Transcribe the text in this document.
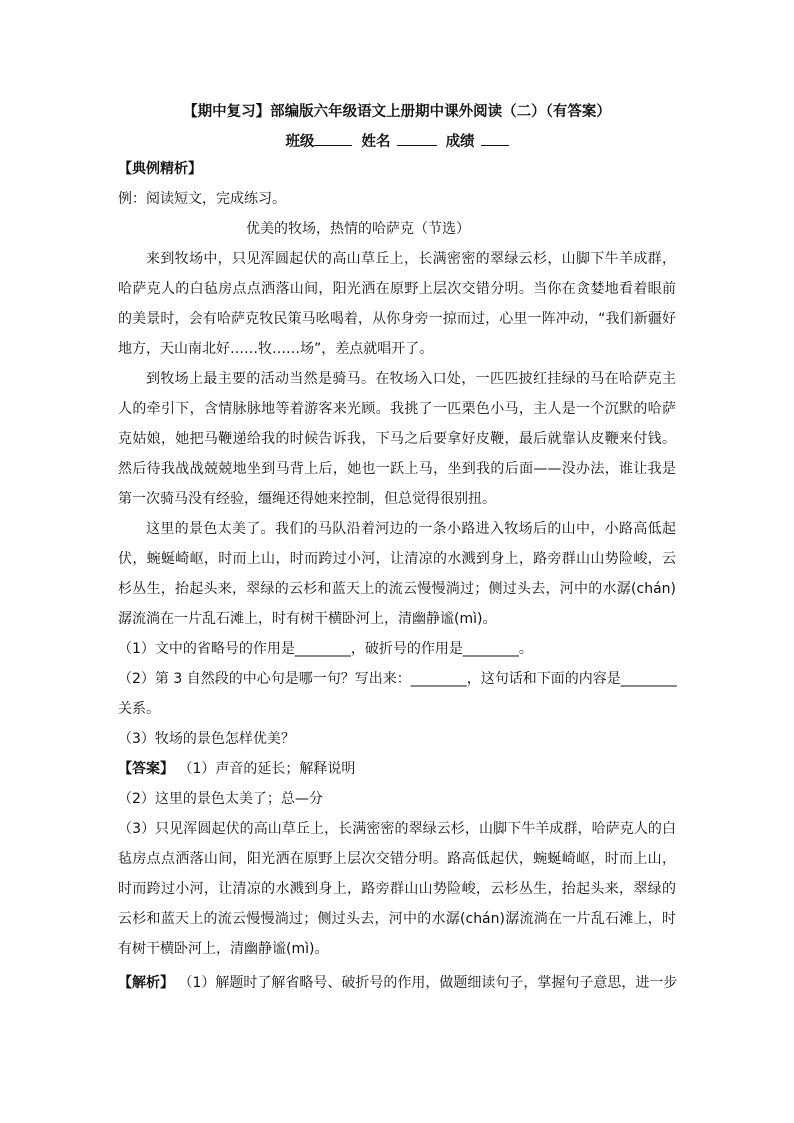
【期中复习】部编版六年级语文上册期中课外阅读（二）（有答案）
班级	姓名	成绩

【典例精析】

例：阅读短文，完成练习。

优美的牧场，热情的哈萨克（节选）

来到牧场中，只见浑圆起伏的高山草丘上，长满密密的翠绿云杉，山脚下牛羊成群，哈萨克人的白毡房点点洒落山间，阳光洒在原野上层次交错分明。当你在贪婪地看着眼前的美景时，会有哈萨克牧民策马吆喝着，从你身旁一掠而过，心里一阵冲动，“我们新疆好地方，天山南北好……牧……场”，差点就唱开了。

到牧场上最主要的活动当然是骑马。在牧场入口处，一匹匹披红挂绿的马在哈萨克主人的牵引下，含情脉脉地等着游客来光顾。我挑了一匹栗色小马，主人是一个沉默的哈萨克姑娘，她把马鞭递给我的时候告诉我，下马之后要拿好皮鞭，最后就靠认皮鞭来付钱。然后待我战战兢兢地坐到马背上后，她也一跃上马，坐到我的后面——没办法，谁让我是第一次骑马没有经验，缰绳还得她来控制，但总觉得很别扭。

这里的景色太美了。我们的马队沿着河边的一条小路进入牧场后的山中，小路高低起伏，蜿蜒崎岖，时而上山，时而跨过小河，让清凉的水溅到身上，路旁群山山势险峻，云杉丛生，抬起头来，翠绿的云杉和蓝天上的流云慢慢淌过；侧过头去，河中的水潺(chán)潺流淌在一片乱石滩上，时有树干横卧河上，清幽静谧(mì)。

（1）文中的省略号的作用是________，破折号的作用是________。

（2）第 3 自然段的中心句是哪一句？写出来：________，这句话和下面的内容是________

关系。

（3）牧场的景色怎样优美？

【答案】 （1）声音的延长；解释说明

（2）这里的景色太美了；总—分

（3）只见浑圆起伏的高山草丘上，长满密密的翠绿云杉，山脚下牛羊成群，哈萨克人的白毡房点点洒落山间，阳光洒在原野上层次交错分明。路高低起伏，蜿蜒崎岖，时而上山，时而跨过小河，让清凉的水溅到身上，路旁群山山势险峻，云杉丛生，抬起头来，翠绿的云杉和蓝天上的流云慢慢淌过；侧过头去，河中的水潺(chán)潺流淌在一片乱石滩上，时有树干横卧河上，清幽静谧(mì)。

【解析】 （1）解题时了解省略号、破折号的作用，做题细读句子，掌握句子意思，进一步
